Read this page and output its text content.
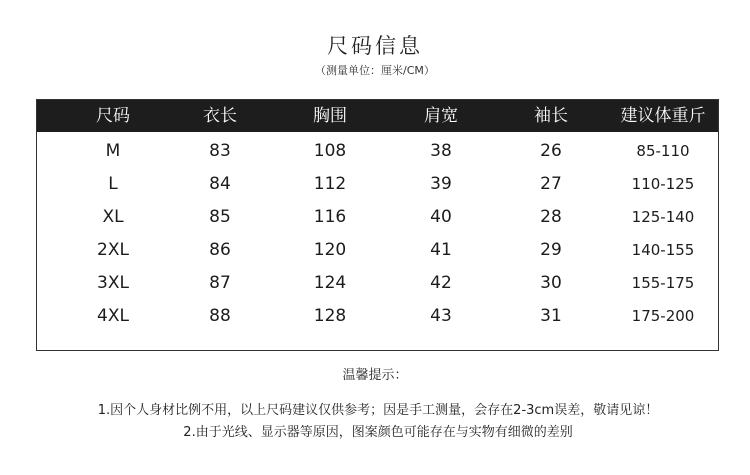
尺码信息
（测量单位：厘米/CM）
尺码	衣长	胸围	肩宽	袖长	建议体重斤
M	83	108	38	26	85-110
L	84	112	39	27	110-125
XL	85	116	40	28	125-140
2XL	86	120	41	29	140-155
3XL	87	124	42	30	155-175
4XL	88	128	43	31	175-200
温馨提示：
1.因个人身材比例不用，以上尺码建议仅供参考；因是手工测量，会存在2-3cm误差，敬请见谅！
2.由于光线、显示器等原因，图案颜色可能存在与实物有细微的差别
